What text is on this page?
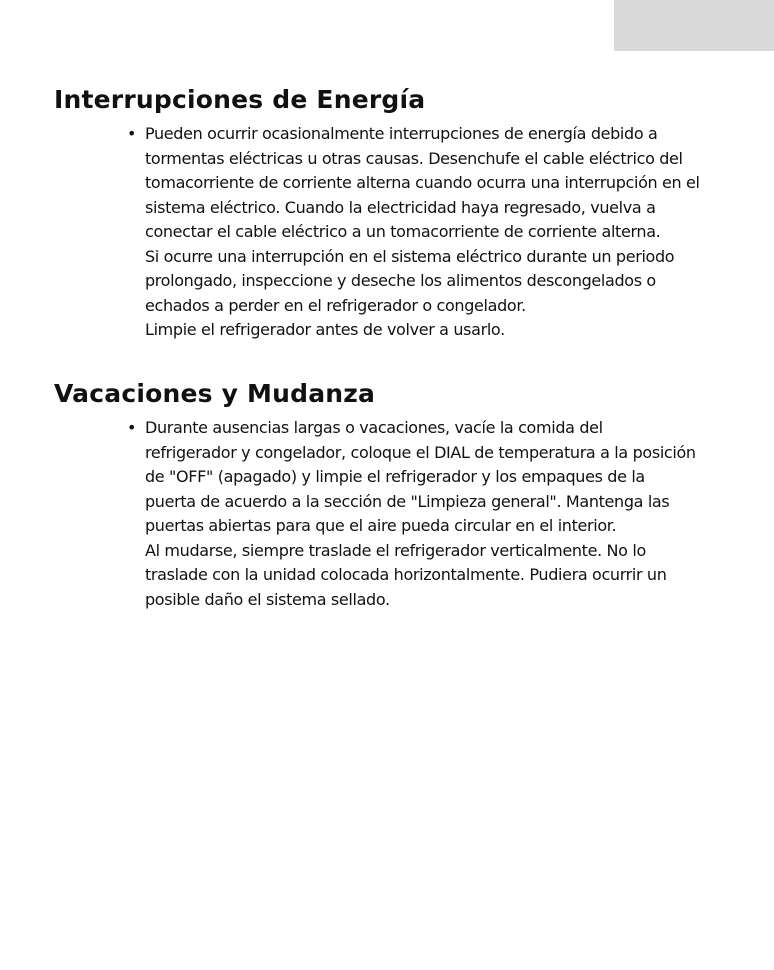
Interrupciones de Energía
• Pueden ocurrir ocasionalmente interrupciones de energía debido a
tormentas eléctricas u otras causas. Desenchufe el cable eléctrico del
tomacorriente de corriente alterna cuando ocurra una interrupción en el
sistema eléctrico. Cuando la electricidad haya regresado, vuelva a
conectar el cable eléctrico a un tomacorriente de corriente alterna.
Si ocurre una interrupción en el sistema eléctrico durante un periodo
prolongado, inspeccione y deseche los alimentos descongelados o
echados a perder en el refrigerador o congelador.
Limpie el refrigerador antes de volver a usarlo.
Vacaciones y Mudanza
• Durante ausencias largas o vacaciones, vacíe la comida del
refrigerador y congelador, coloque el DIAL de temperatura a la posición
de "OFF" (apagado) y limpie el refrigerador y los empaques de la
puerta de acuerdo a la sección de "Limpieza general". Mantenga las
puertas abiertas para que el aire pueda circular en el interior.
Al mudarse, siempre traslade el refrigerador verticalmente. No lo
traslade con la unidad colocada horizontalmente. Pudiera ocurrir un
posible daño el sistema sellado.
